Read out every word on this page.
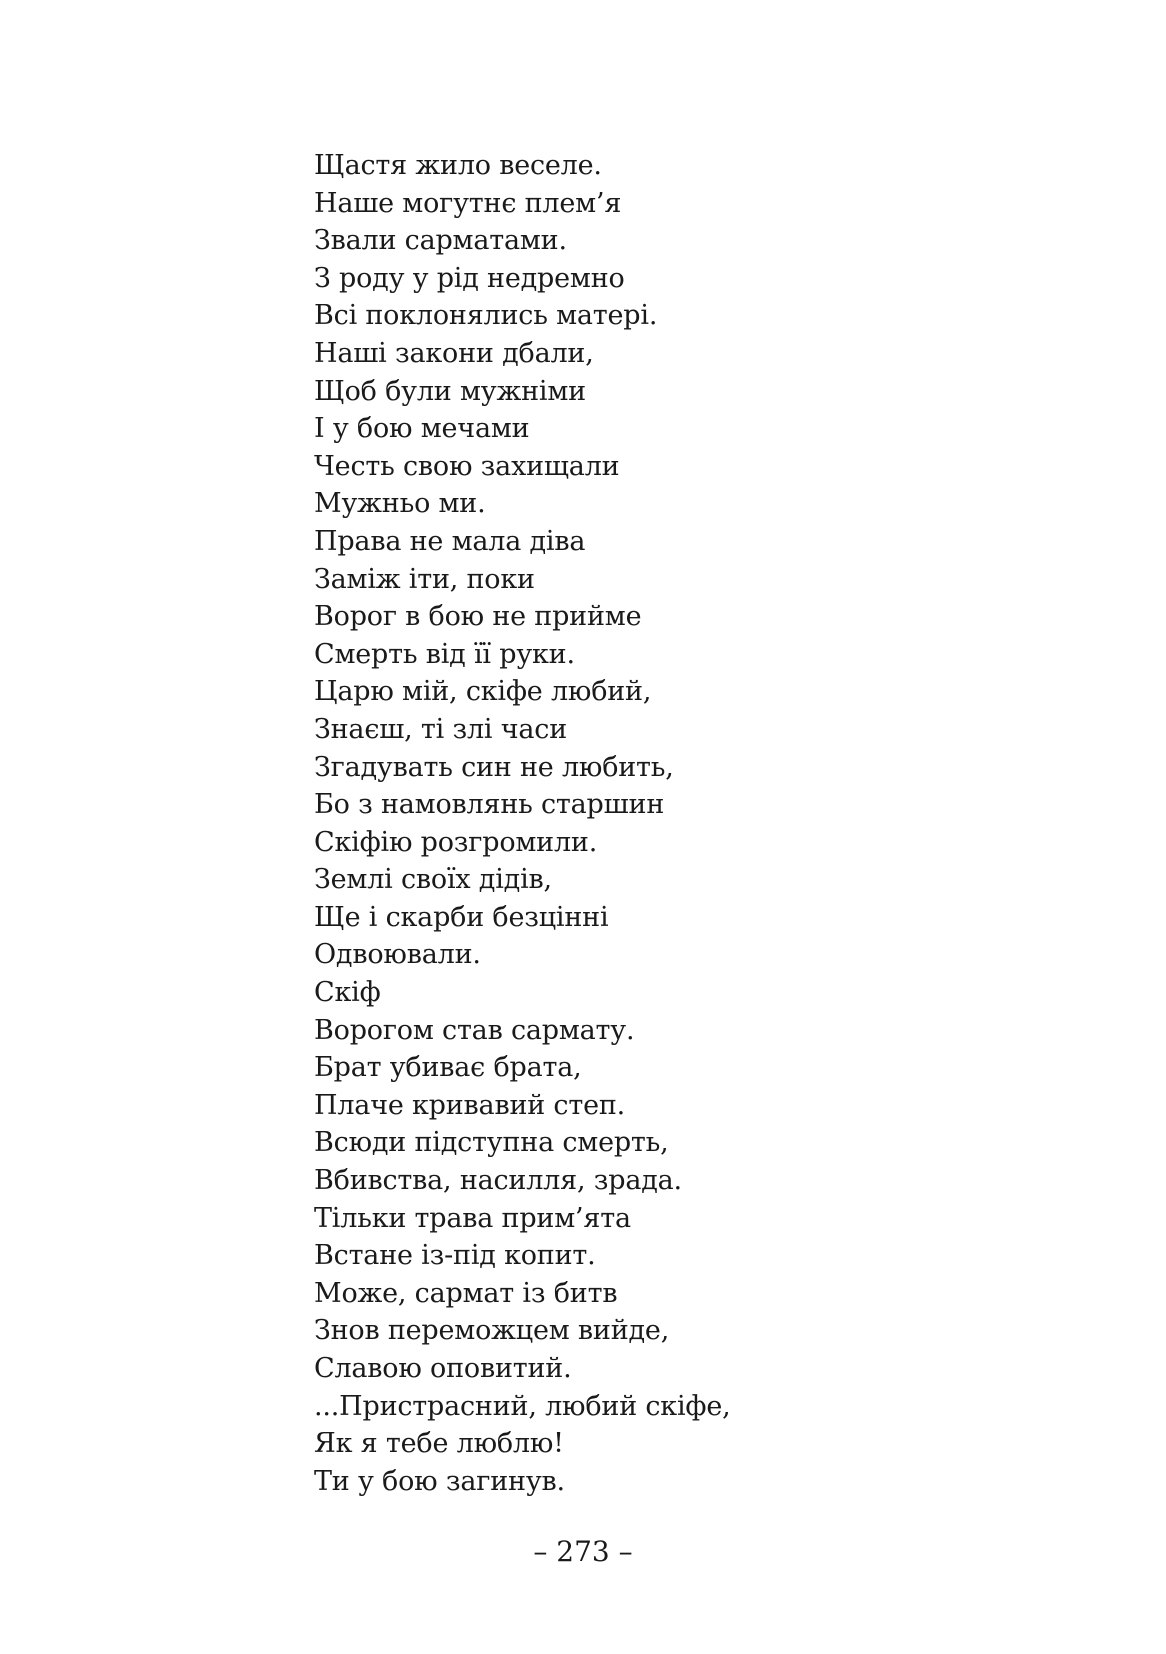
Щастя жило веселе.
Наше могутнє плем’я
Звали сарматами.
З роду у рід недремно
Всі поклонялись матері.
Наші закони дбали,
Щоб були мужніми
І у бою мечами
Честь свою захищали
Мужньо ми.
Права не мала діва
Заміж іти, поки
Ворог в бою не прийме
Смерть від її руки.
Царю мій, скіфе любий,
Знаєш, ті злі часи
Згадувать син не любить,
Бо з намовлянь старшин
Скіфію розгромили.
Землі своїх дідів,
Ще і скарби безцінні
Одвоювали.
Скіф
Ворогом став сармату.
Брат убиває брата,
Плаче кривавий степ.
Всюди підступна смерть,
Вбивства, насилля, зрада.
Тільки трава прим’ята
Встане із-під копит.
Може, сармат із битв
Знов переможцем вийде,
Славою оповитий.
...Пристрасний, любий скіфе,
Як я тебе люблю!
Ти у бою загинув.
– 273 –
